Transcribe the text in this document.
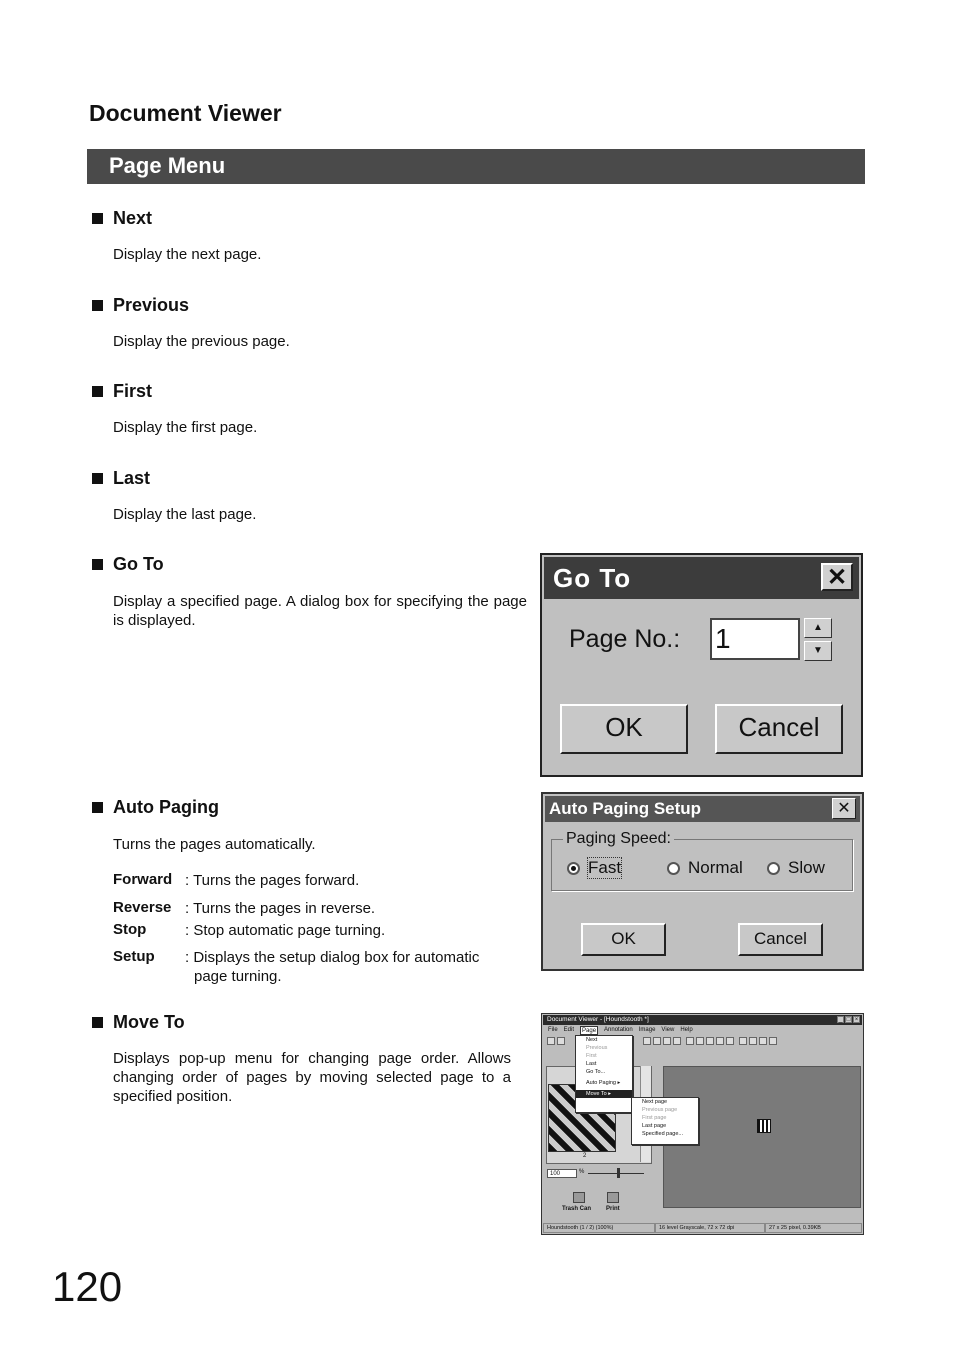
Document Viewer
Page Menu
Next
Display the next page.
Previous
Display the previous page.
First
Display the first page.
Last
Display the last page.
Go To
Display a specified page. A dialog box for specifying the page is displayed.
Go To	✕
Page No.: 1	▲
▼
OK	Cancel
Auto Paging
Turns the pages automatically.
Forward : Turns the pages forward.
Reverse : Turns the pages in reverse.
Stop	: Stop automatic page turning.
Setup : Displays the setup dialog box for automatic page turning.
Auto Paging Setup	✕
Paging Speed:
Fast	Normal	Slow
OK	Cancel
Move To
Displays pop-up menu for changing page order. Allows changing order of pages by moving selected page to a specified position.
Document Viewer - [Houndstooth *]	_ □ ×
File Edit	Page	Annotation Image View Help
2
Next
Previous
First
Last
Go To...
Auto Paging ▸
Move To ▸
Next page
Previous page
First page
Last page
Specified page...
100	%
Trash Can Print
Houndstooth (1 / 2) (100%)	16 level Grayscale, 72 x 72 dpi	27 x 25 pixel, 0.39KB
120
